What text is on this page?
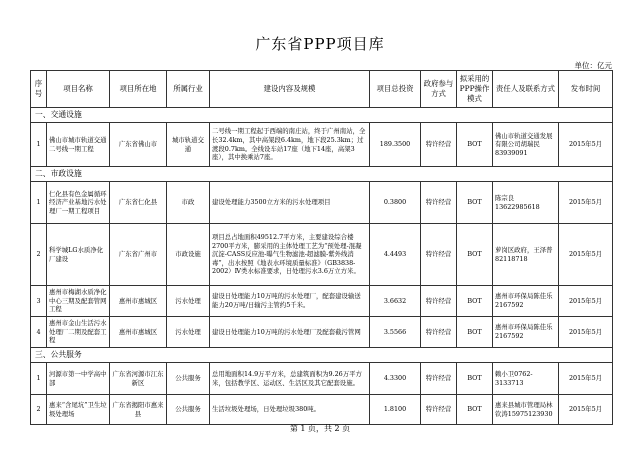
广东省PPP项目库
单位：亿元
序号	项目名称	项目所在地	所属行业	建设内容及规模	项目总投资	政府参与方式	拟采用的PPP操作模式	责任人及联系方式	发布时间
一、交通设施									
1	佛山市城市轨道交通二号线一期工程	广东省佛山市	城市轨道交通	二号线一期工程起于西端的南庄站，终于广州南站，全长32.4km，其中高架段6.4km，地下段25.3km；过渡段0.7km。全线设车站17座（地下14座，高架3座），其中换乘站7座。	189.3500	特许经营	BOT	佛山市轨道交通发展有限公司胡瑞民83939091	2015年5月
二、市政设施									
1	仁化县有色金属循环经济产业基地污水处理厂一期工程项目	广东省仁化县	市政	建设处理能力3500立方米的污水处理项目	0.3800	特许经营	BOT	陈宗良13622985618	2015年5月
2	科学城LG水质净化厂建设	广东省广州市	市政设施	项目总占地面积49512.7平方米，主要建设综合楼2700平方米，膨采用的主体处理工艺为“预处理-混凝沉淀-CASS反应池-曝气生物滤池-超滤膜-紫外线消毒”，出水按照《地表水环境质量标准》（GB3838-2002）Ⅳ类水标准要求，日处理污水3.6万立方米。	4.4493	特许经营	BOT	萝岗区政府，王泽普82118718	2015年5月
3	惠州市梅湖水质净化中心三期及配套管网工程	惠州市惠城区	污水处理	建设日处理能力10万吨的污水处理厂，配套建设输送能力20万吨/日输污主管约5千米。	3.6632	特许经营	BOT	惠州市环保局陈佳乐2167592	2015年5月
4	惠州市金山生活污水处理厂二期及配套工程	惠州市惠城区	污水处理	建设日处理能力10万吨的污水处理厂及配套截污管网	3.5566	特许经营	BOT	惠州市环保局陈佳乐2167592	2015年5月
三、公共服务									
1	河源市第一中学高中部	广东省河源市江东新区	公共服务	总用地面积14.9万平方米，总建筑面积为9.26万平方米，包括教学区、运动区、生活区及其它配套设施。	4.3300	特许经营	BOT	赖小卫0762-3133713	2015年5月
2	惠来“含尾坑”卫生垃圾处理场	广东省揭阳市惠来县	公共服务	生活垃圾处理场，日处理垃圾380吨。	1.8100	特许经营	BOT	惠来县城市管理局林钦涛15975123930	2015年5月
第 1 页，共 2 页
